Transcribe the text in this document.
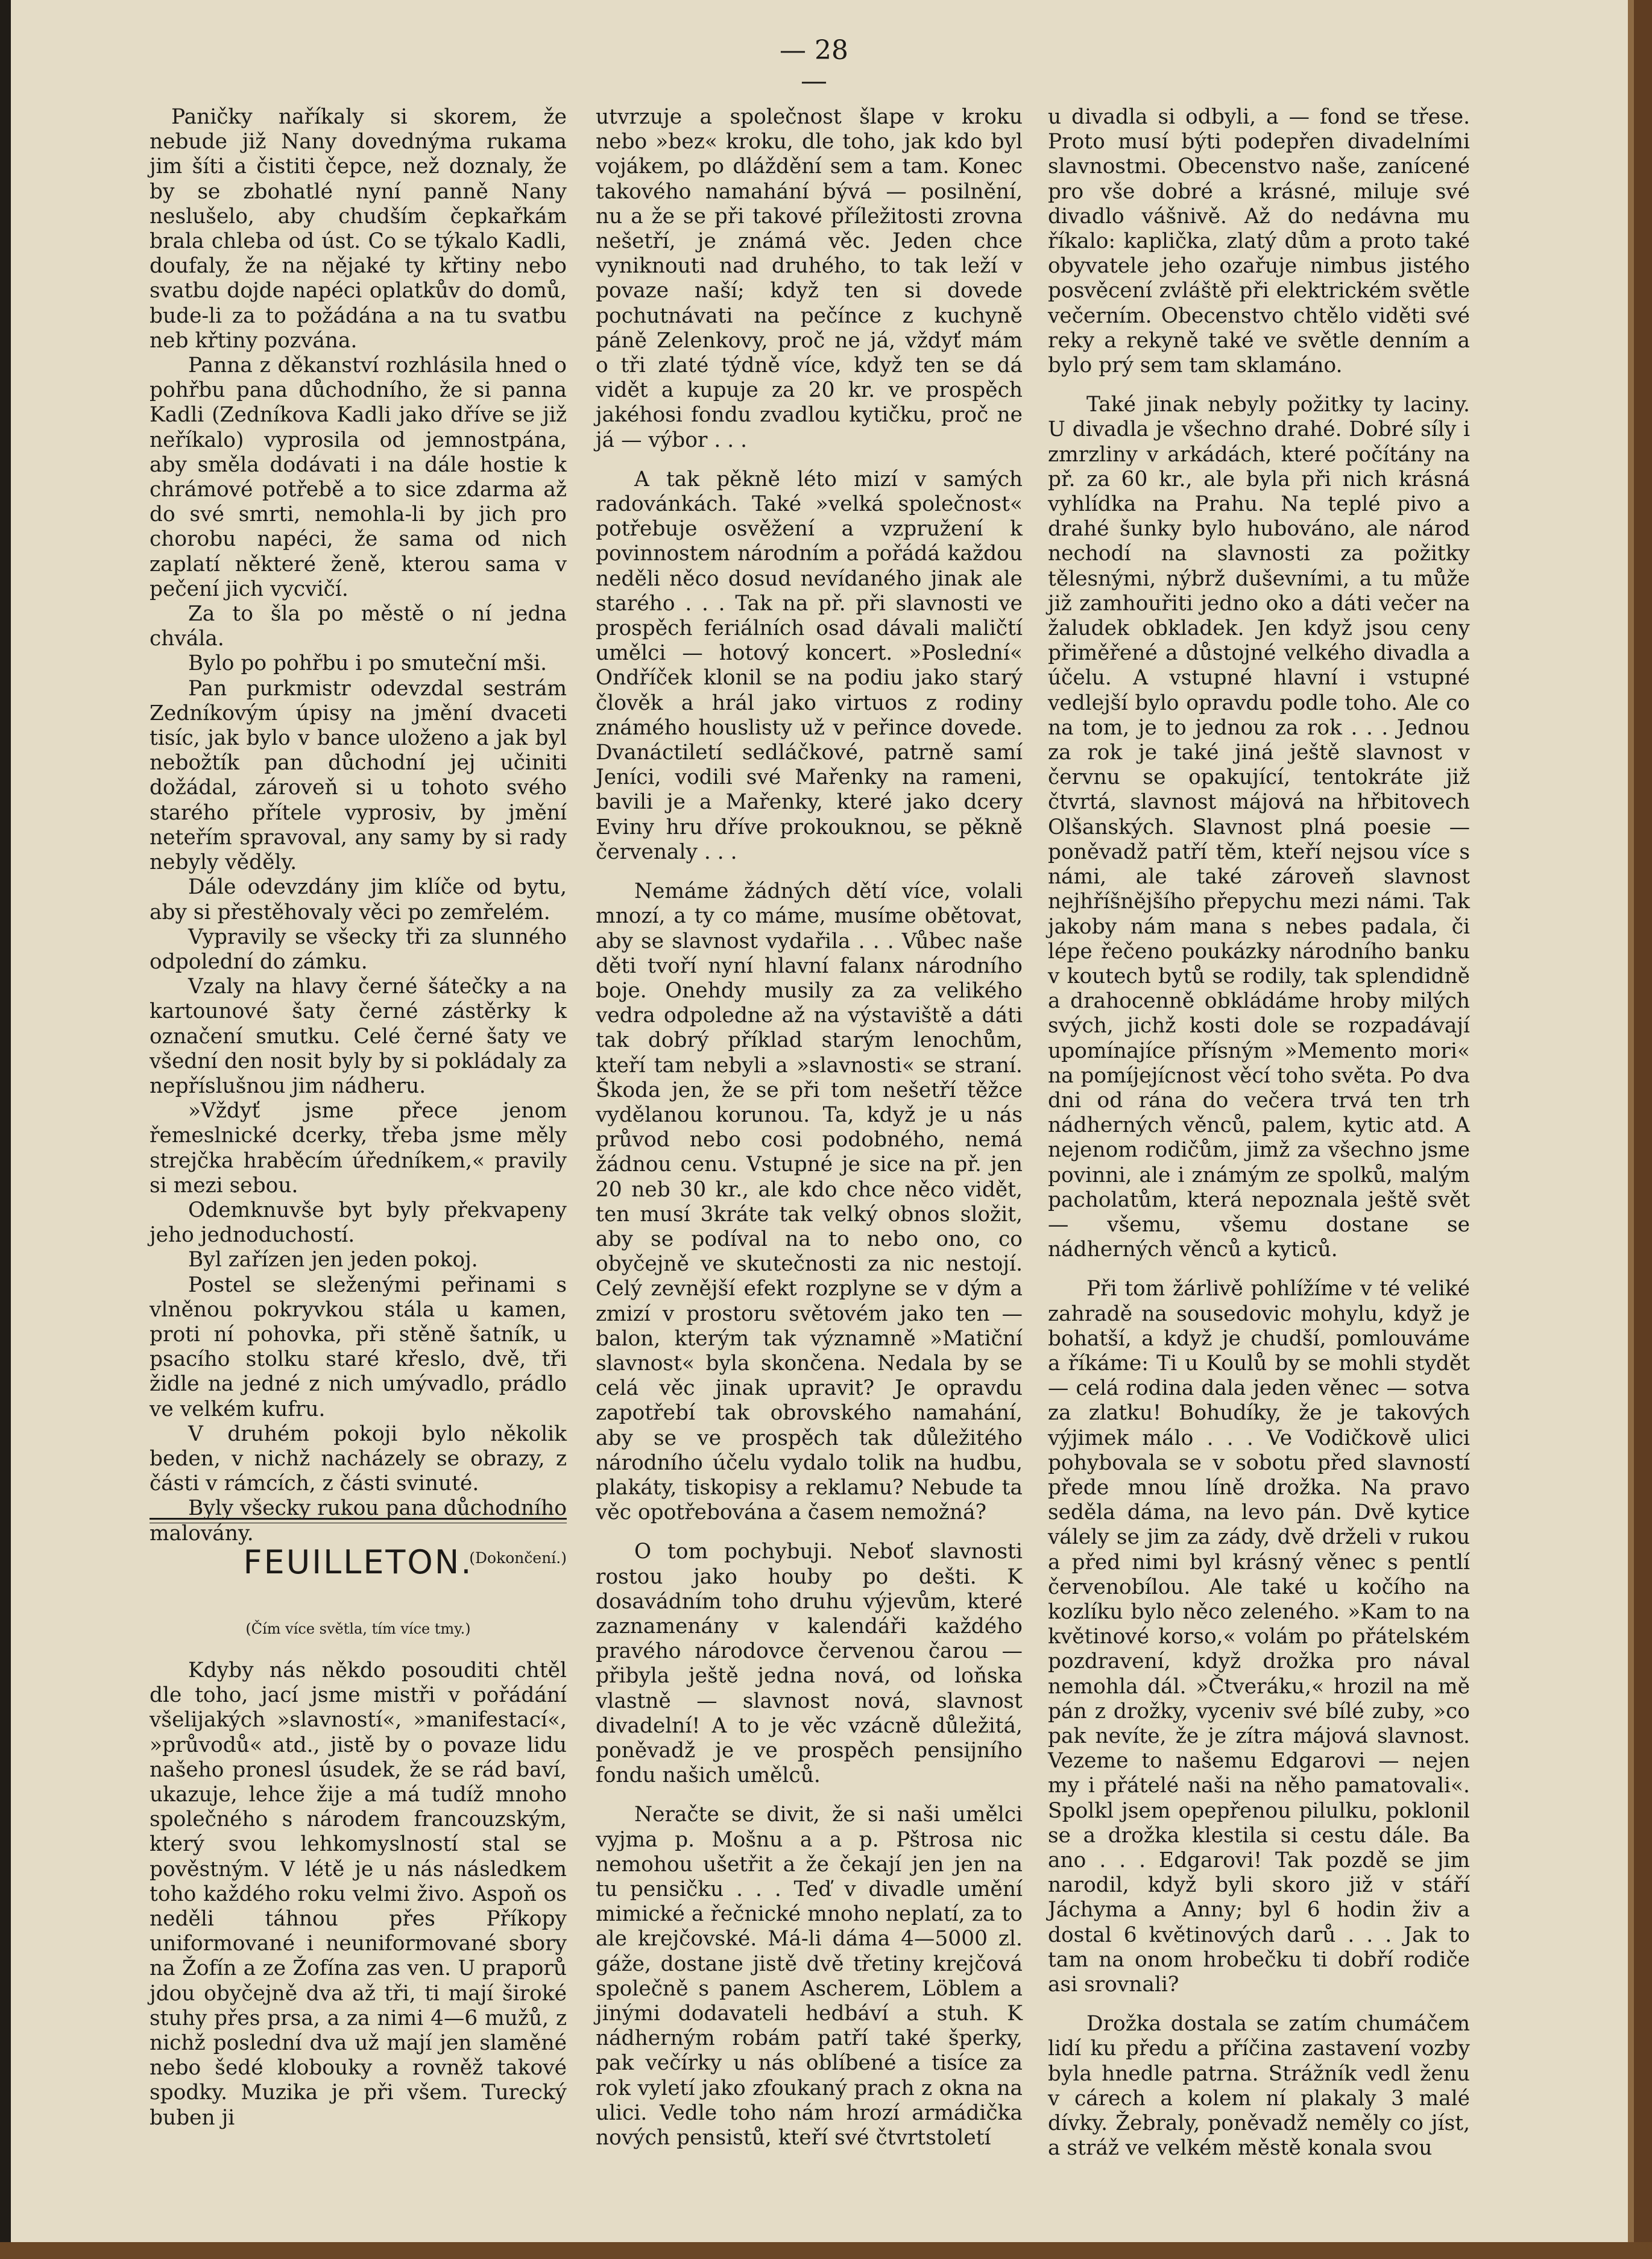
— 28 —

Paničky naříkaly si skorem, že nebude již Nany dovednýma rukama jim šíti a čistiti čepce, než doznaly, že by se zbohatlé nyní panně Nany neslušelo, aby chudším čepkařkám brala chleba od úst. Co se týkalo Kadli, doufaly, že na nějaké ty křtiny nebo svatbu dojde napéci oplatkův do domů, bude-li za to požádána a na tu svatbu neb křtiny pozvána.

Panna z děkanství rozhlásila hned o pohřbu pana důchodního, že si panna Kadli (Zedníkova Kadli jako dříve se již neříkalo) vyprosila od jemnostpána, aby směla dodávati i na dále hostie k chrámové potřebě a to sice zdarma až do své smrti, nemohla-li by jich pro chorobu napéci, že sama od nich zaplatí některé ženě, kterou sama v pečení jich vycvičí.

Za to šla po městě o ní jedna chvála.

Bylo po pohřbu i po smuteční mši.

Pan purkmistr odevzdal sestrám Zedníkovým úpisy na jmění dvaceti tisíc, jak bylo v bance uloženo a jak byl nebožtík pan důchodní jej učiniti dožádal, zároveň si u tohoto svého starého přítele vyprosiv, by jmění neteřím spravoval, any samy by si rady nebyly věděly.

Dále odevzdány jim klíče od bytu, aby si přestěhovaly věci po zemřelém.

Vypravily se všecky tři za slunného odpolední do zámku.

Vzaly na hlavy černé šátečky a na kartounové šaty černé zástěrky k označení smutku. Celé černé šaty ve všední den nosit byly by si pokládaly za nepříslušnou jim nádheru.

»Vždyť jsme přece jenom řemeslnické dcerky, třeba jsme měly strejčka hraběcím úředníkem,« pravily si mezi sebou.

Odemknuvše byt byly překvapeny jeho jednoduchostí.

Byl zařízen jen jeden pokoj.

Postel se sleženými peřinami s vlněnou pokryvkou stála u kamen, proti ní pohovka, při stěně šatník, u psacího stolku staré křeslo, dvě, tři židle na jedné z nich umývadlo, prádlo ve velkém kufru.

V druhém pokoji bylo několik beden, v nichž nacházely se obrazy, z části v rámcích, z části svinuté.

Byly všecky rukou pana důchodního malovány.

(Dokončení.)
FEUILLETON.
(Čím více světla, tím více tmy.)

Kdyby nás někdo posouditi chtěl dle toho, jací jsme mistři v pořádání všelijakých »slavností«, »manifestací«, »průvodů« atd., jistě by o povaze lidu našeho pronesl úsudek, že se rád baví, ukazuje, lehce žije a má tudíž mnoho společného s národem francouzským, který svou lehkomyslností stal se pověstným. V létě je u nás následkem toho každého roku velmi živo. Aspoň os neděli táhnou přes Příkopy uniformované i neuniformované sbory na Žofín a ze Žofína zas ven. U praporů jdou obyčejně dva až tři, ti mají široké stuhy přes prsa, a za nimi 4—6 mužů, z nichž poslední dva už mají jen slaměné nebo šedé klobouky a rovněž takové spodky. Muzika je při všem. Turecký buben ji

utvrzuje a společnost šlape v kroku nebo »bez« kroku, dle toho, jak kdo byl vojákem, po dláždění sem a tam. Konec takového namahání bývá — posilnění, nu a že se při takové příležitosti zrovna nešetří, je známá věc. Jeden chce vyniknouti nad druhého, to tak leží v povaze naší; když ten si dovede pochutnávati na pečínce z kuchyně páně Zelenkovy, proč ne já, vždyť mám o tři zlaté týdně více, když ten se dá vidět a kupuje za 20 kr. ve prospěch jakéhosi fondu zvadlou kytičku, proč ne já — výbor . . .

A tak pěkně léto mizí v samých radovánkách. Také »velká společnost« potřebuje osvěžení a vzpružení k povinnostem národním a pořádá každou neděli něco dosud nevídaného jinak ale starého . . . Tak na př. při slavnosti ve prospěch feriálních osad dávali maličtí umělci — hotový koncert. »Poslední« Ondříček klonil se na podiu jako starý člověk a hrál jako virtuos z rodiny známého houslisty už v peřince dovede. Dvanáctiletí sedláčkové, patrně samí Jeníci, vodili své Mařenky na rameni, bavili je a Mařenky, které jako dcery Eviny hru dříve prokouknou, se pěkně červenaly . . .

Nemáme žádných dětí více, volali mnozí, a ty co máme, musíme obětovat, aby se slavnost vydařila . . . Vůbec naše děti tvoří nyní hlavní falanx národního boje. Onehdy musily za za velikého vedra odpoledne až na výstaviště a dáti tak dobrý příklad starým lenochům, kteří tam nebyli a »slavnosti« se straní. Škoda jen, že se při tom nešetří těžce vydělanou korunou. Ta, když je u nás průvod nebo cosi podobného, nemá žádnou cenu. Vstupné je sice na př. jen 20 neb 30 kr., ale kdo chce něco vidět, ten musí 3kráte tak velký obnos složit, aby se podíval na to nebo ono, co obyčejně ve skutečnosti za nic nestojí. Celý zevnější efekt rozplyne se v dým a zmizí v prostoru světovém jako ten — balon, kterým tak významně »Matiční slavnost« byla skončena. Nedala by se celá věc jinak upravit? Je opravdu zapotřebí tak obrovského namahání, aby se ve prospěch tak důležitého národního účelu vydalo tolik na hudbu, plakáty, tiskopisy a reklamu? Nebude ta věc opotřebována a časem nemožná?

O tom pochybuji. Neboť slavnosti rostou jako houby po dešti. K dosavádním toho druhu výjevům, které zaznamenány v kalendáři každého pravého národovce červenou čarou — přibyla ještě jedna nová, od loňska vlastně — slavnost nová, slavnost divadelní! A to je věc vzácně důležitá, poněvadž je ve prospěch pensijního fondu našich umělců.

Neračte se divit, že si naši umělci vyjma p. Mošnu a a p. Pštrosa nic nemohou ušetřit a že čekají jen jen na tu pensičku . . . Teď v divadle umění mimické a řečnické mnoho neplatí, za to ale krejčovské. Má-li dáma 4—5000 zl. gáže, dostane jistě dvě třetiny krejčová společně s panem Ascherem, Löblem a jinými dodavateli hedbáví a stuh. K nádherným robám patří také šperky, pak večírky u nás oblíbené a tisíce za rok vyletí jako zfoukaný prach z okna na ulici. Vedle toho nám hrozí armádička nových pensistů, kteří své čtvrtstoletí

u divadla si odbyli, a — fond se třese. Proto musí býti podepřen divadelními slavnostmi. Obecenstvo naše, zanícené pro vše dobré a krásné, miluje své divadlo vášnivě. Až do nedávna mu říkalo: kaplička, zlatý dům a proto také obyvatele jeho ozařuje nimbus jistého posvěcení zvláště při elektrickém světle večerním. Obecenstvo chtělo viděti své reky a rekyně také ve světle denním a bylo prý sem tam sklamáno.

Také jinak nebyly požitky ty laciny. U divadla je všechno drahé. Dobré síly i zmrzliny v arkádách, které počítány na př. za 60 kr., ale byla při nich krásná vyhlídka na Prahu. Na teplé pivo a drahé šunky bylo hubováno, ale národ nechodí na slavnosti za požitky tělesnými, nýbrž duševními, a tu může již zamhouřiti jedno oko a dáti večer na žaludek obkladek. Jen když jsou ceny přiměřené a důstojné velkého divadla a účelu. A vstupné hlavní i vstupné vedlejší bylo opravdu podle toho. Ale co na tom, je to jednou za rok . . . Jednou za rok je také jiná ještě slavnost v červnu se opakující, tentokráte již čtvrtá, slavnost májová na hřbitovech Olšanských. Slavnost plná poesie — poněvadž patří těm, kteří nejsou více s námi, ale také zároveň slavnost nejhříšnějšího přepychu mezi námi. Tak jakoby nám mana s nebes padala, či lépe řečeno poukázky národního banku v koutech bytů se rodily, tak splendidně a drahocenně obkládáme hroby milých svých, jichž kosti dole se rozpadávají upomínajíce přísným »Memento mori« na pomíjejícnost věcí toho světa. Po dva dni od rána do večera trvá ten trh nádherných věnců, palem, kytic atd. A nejenom rodičům, jimž za všechno jsme povinni, ale i známým ze spolků, malým pacholatům, která nepoznala ještě svět — všemu, všemu dostane se nádherných věnců a kyticů.

Při tom žárlivě pohlížíme v té veliké zahradě na sousedovic mohylu, když je bohatší, a když je chudší, pomlouváme a říkáme: Ti u Koulů by se mohli stydět — celá rodina dala jeden věnec — sotva za zlatku! Bohudíky, že je takových výjimek málo . . . Ve Vodičkově ulici pohybovala se v sobotu před slavností přede mnou líně drožka. Na pravo seděla dáma, na levo pán. Dvě kytice válely se jim za zády, dvě drželi v rukou a před nimi byl krásný věnec s pentlí červenobílou. Ale také u kočího na kozlíku bylo něco zeleného. »Kam to na květinové korso,« volám po přátelském pozdravení, když drožka pro nával nemohla dál. »Čtveráku,« hrozil na mě pán z drožky, vyceniv své bílé zuby, »co pak nevíte, že je zítra májová slavnost. Vezeme to našemu Edgarovi — nejen my i přátelé naši na něho pamatovali«. Spolkl jsem opepřenou pilulku, poklonil se a drožka klestila si cestu dále. Ba ano . . . Edgarovi! Tak pozdě se jim narodil, když byli skoro již v stáří Jáchyma a Anny; byl 6 hodin živ a dostal 6 květinových darů . . . Jak to tam na onom hrobečku ti dobří rodiče asi srovnali?

Drožka dostala se zatím chumáčem lidí ku předu a příčina zastavení vozby byla hnedle patrna. Strážník vedl ženu v cárech a kolem ní plakaly 3 malé dívky. Žebraly, poněvadž neměly co jíst, a stráž ve velkém městě konala svou
